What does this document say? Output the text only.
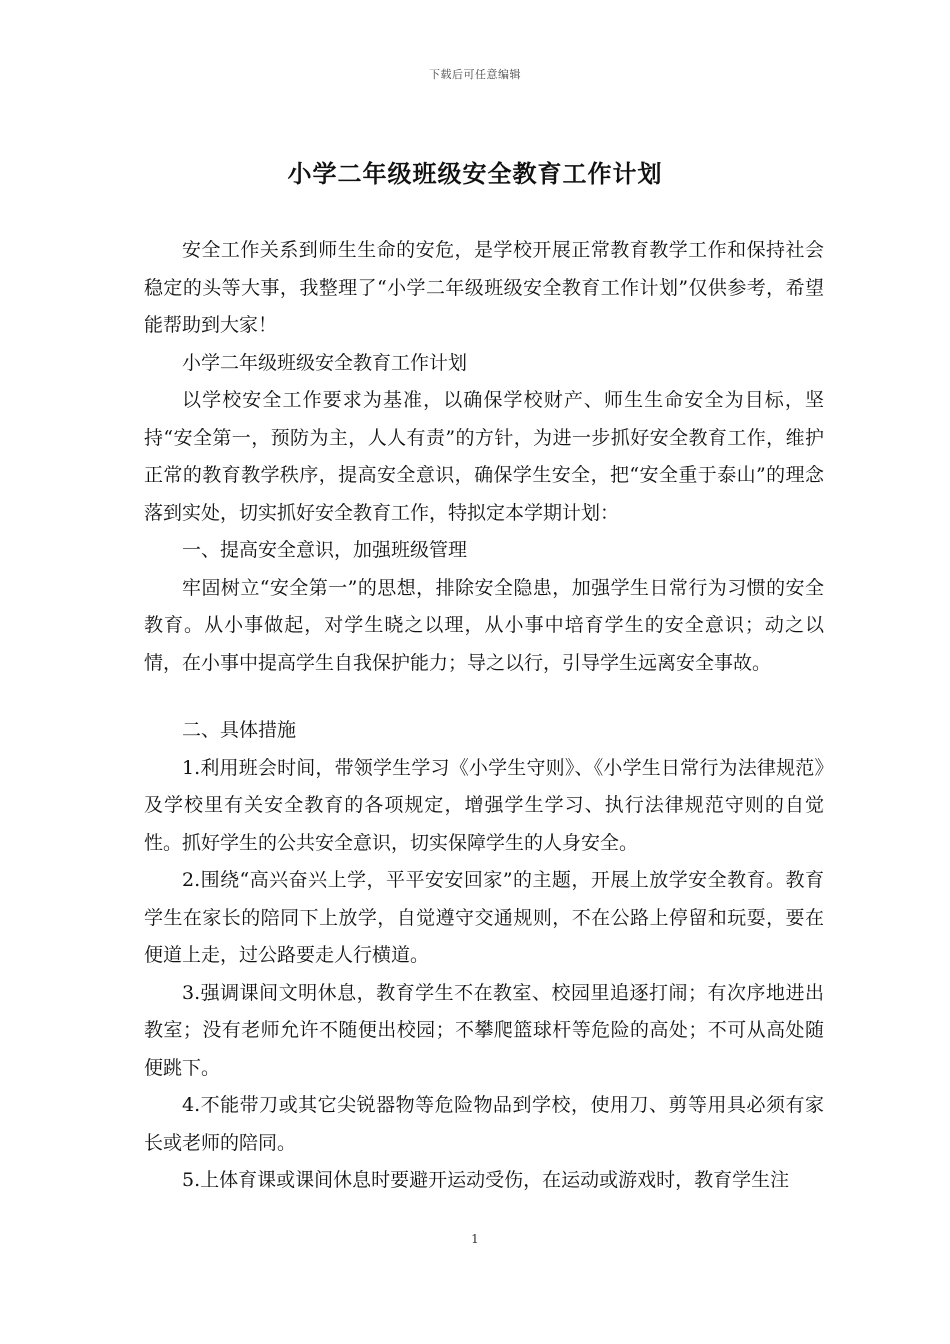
下载后可任意编辑
小学二年级班级安全教育工作计划

安全工作关系到师生生命的安危，是学校开展正常教育教学工作和保持社会稳定的头等大事，我整理了“小学二年级班级安全教育工作计划”仅供参考，希望能帮助到大家！

小学二年级班级安全教育工作计划

以学校安全工作要求为基准，以确保学校财产、师生生命安全为目标，坚持“安全第一，预防为主，人人有责”的方针，为进一步抓好安全教育工作，维护正常的教育教学秩序，提高安全意识，确保学生安全，把“安全重于泰山”的理念落到实处，切实抓好安全教育工作，特拟定本学期计划：

一、提高安全意识，加强班级管理

牢固树立“安全第一”的思想，排除安全隐患，加强学生日常行为习惯的安全教育。从小事做起，对学生晓之以理，从小事中培育学生的安全意识；动之以情，在小事中提高学生自我保护能力；导之以行，引导学生远离安全事故。

二、具体措施

1.利用班会时间，带领学生学习《小学生守则》、《小学生日常行为法律规范》及学校里有关安全教育的各项规定，增强学生学习、执行法律规范守则的自觉性。抓好学生的公共安全意识，切实保障学生的人身安全。

2.围绕“高兴奋兴上学，平平安安回家”的主题，开展上放学安全教育。教育学生在家长的陪同下上放学，自觉遵守交通规则，不在公路上停留和玩耍，要在便道上走，过公路要走人行横道。

3.强调课间文明休息，教育学生不在教室、校园里追逐打闹；有次序地进出教室；没有老师允许不随便出校园；不攀爬篮球杆等危险的高处；不可从高处随便跳下。

4.不能带刀或其它尖锐器物等危险物品到学校，使用刀、剪等用具必须有家长或老师的陪同。

5.上体育课或课间休息时要避开运动受伤，在运动或游戏时，教育学生注

1
